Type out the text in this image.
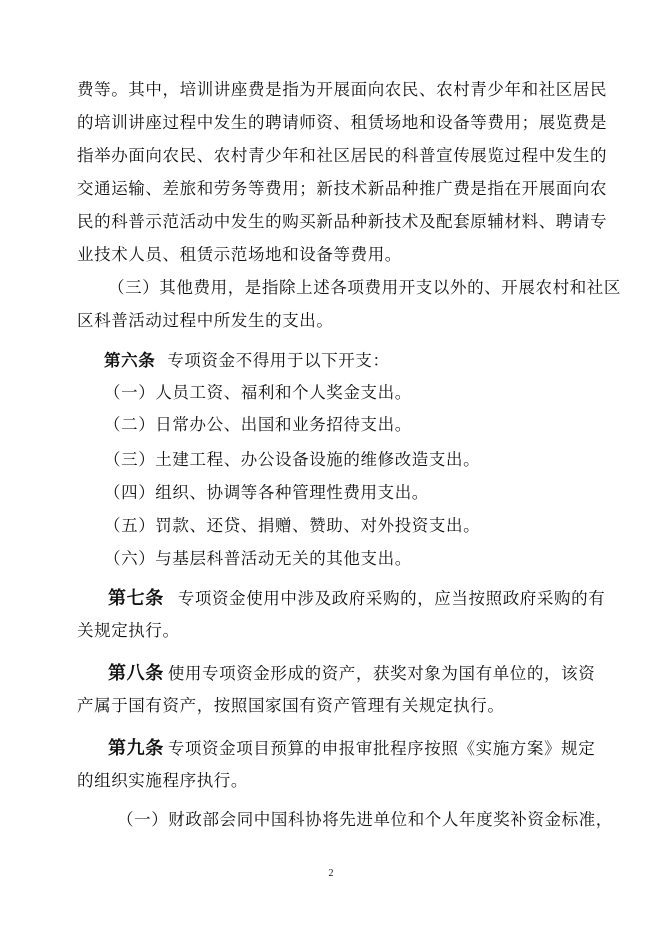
费等。其中，培训讲座费是指为开展面向农民、农村青少年和社区居民
的培训讲座过程中发生的聘请师资、租赁场地和设备等费用；展览费是
指举办面向农民、农村青少年和社区居民的科普宣传展览过程中发生的
交通运输、差旅和劳务等费用；新技术新品种推广费是指在开展面向农
民的科普示范活动中发生的购买新品种新技术及配套原辅材料、聘请专
业技术人员、租赁示范场地和设备等费用。
（三）其他费用，是指除上述各项费用开支以外的、开展农村和社区
区科普活动过程中所发生的支出。
第六条 专项资金不得用于以下开支：
（一）人员工资、福利和个人奖金支出。
（二）日常办公、出国和业务招待支出。
（三）土建工程、办公设备设施的维修改造支出。
（四）组织、协调等各种管理性费用支出。
（五）罚款、还贷、捐赠、赞助、对外投资支出。
（六）与基层科普活动无关的其他支出。
第七条 专项资金使用中涉及政府采购的，应当按照政府采购的有
关规定执行。
第八条 使用专项资金形成的资产，获奖对象为国有单位的，该资
产属于国有资产，按照国家国有资产管理有关规定执行。
第九条 专项资金项目预算的申报审批程序按照《实施方案》规定
的组织实施程序执行。
（一）财政部会同中国科协将先进单位和个人年度奖补资金标准，
2
